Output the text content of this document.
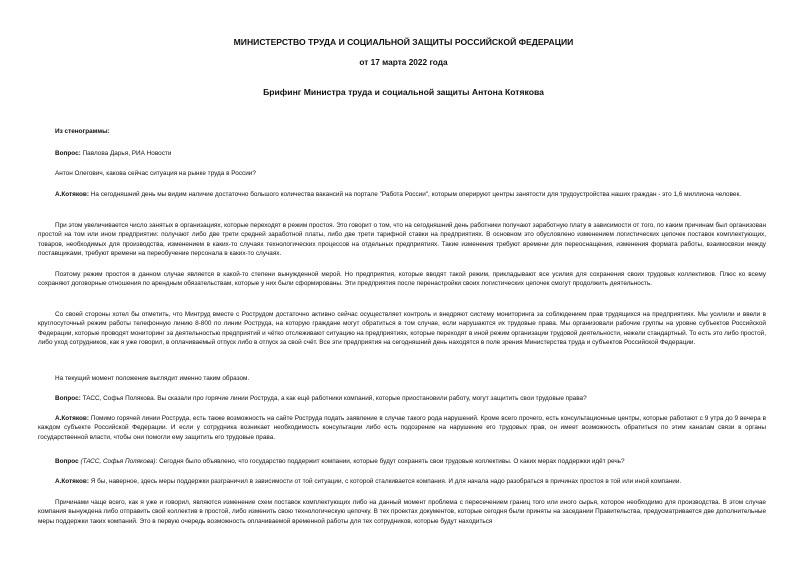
МИНИСТЕРСТВО ТРУДА И СОЦИАЛЬНОЙ ЗАЩИТЫ РОССИЙСКОЙ ФЕДЕРАЦИИ
от 17 марта 2022 года
Брифинг Министра труда и социальной защиты Антона Котякова
Из стенограммы:
Вопрос: Павлова Дарья, РИА Новости
Антон Олегович, какова сейчас ситуация на рынке труда в России?
А.Котяков: На сегодняшний день мы видим наличие достаточно большого количества вакансий на портале "Работа России", которым оперируют центры занятости для трудоустройства наших граждан - это 1,6 миллиона человек.
При этом увеличивается число занятых в организациях, которые переходят в режим простоя. Это говорит о том, что на сегодняшний день работники получают заработную плату в зависимости от того, по каким причинам был организован простой на том или ином предприятии: получают либо две трети средней заработной платы, либо две трети тарифной ставки на предприятиях. В основном это обусловлено изменением логистических цепочек поставок комплектующих, товаров, необходимых для производства, изменением в каких-то случаях технологических процессов на отдельных предприятиях. Такие изменения требуют времени для переоснащения, изменения формата работы, взаимосвязи между поставщиками, требуют времени на переобучение персонала в каких-то случаях.
Поэтому режим простоя в данном случае является в какой-то степени вынужденной мерой. Но предприятия, которые вводят такой режим, прикладывают все усилия для сохранения своих трудовых коллективов. Плюс ко всему сохраняют договорные отношения по арендным обязательствам, которые у них были сформированы. Эти предприятия после перенастройки своих логистических цепочек смогут продолжить деятельность.
Со своей стороны хотел бы отметить, что Минтруд вместе с Рострудом достаточно активно сейчас осуществляет контроль и внедряют систему мониторинга за соблюдением прав трудящихся на предприятиях. Мы усилили и ввели в круглосуточный режим работы телефонную линию 8-800 по линии Роструда, на которую граждане могут обратиться в том случае, если нарушаются их трудовые права. Мы организовали рабочие группы на уровне субъектов Российской Федерации, которые проводят мониторинг за деятельностью предприятий и чётко отслеживают ситуацию на предприятиях, которые переходят в иной режим организации трудовой деятельности, нежели стандартный. То есть это либо простой, либо уход сотрудников, как я уже говорил, в оплачиваемый отпуск либо в отпуск за свой счёт. Все эти предприятия на сегодняшний день находятся в поле зрения Министерства труда и субъектов Российской Федерации.
На текущий момент положение выглядит именно таким образом.
Вопрос: ТАСС, Софья Полякова. Вы сказали про горячие линии Роструда, а как ещё работники компаний, которые приостановили работу, могут защитить свои трудовые права?
А.Котяков: Помимо горячей линии Роструда, есть также возможность на сайте Роструда подать заявление в случае такого рода нарушений. Кроме всего прочего, есть консультационные центры, которые работают с 9 утра до 9 вечера в каждом субъекте Российской Федерации. И если у сотрудника возникает необходимость консультации либо есть подозрение на нарушение его трудовых прав, он имеет возможность обратиться по этим каналам связи в органы государственной власти, чтобы они помогли ему защитить его трудовые права.
Вопрос (ТАСС, Софья Полякова): Сегодня было объявлено, что государство поддержит компании, которые будут сохранять свои трудовые коллективы. О каких мерах поддержки идёт речь?
А.Котяков: Я бы, наверное, здесь меры поддержки разграничил в зависимости от той ситуации, с которой сталкивается компания. И для начала надо разобраться в причинах простоя в той или иной компании.
Причинами чаще всего, как я уже и говорил, являются изменение схем поставок комплектующих либо на данный момент проблема с пересечением границ того или иного сырья, которое необходимо для производства. В этом случае компания вынуждена либо отправить свой коллектив в простой, либо изменить свою технологическую цепочку. В тех проектах документов, которые сегодня были приняты на заседании Правительства, предусматривается две дополнительные меры поддержки таких компаний. Это в первую очередь возможность оплачиваемой временной работы для тех сотрудников, которые будут находиться
